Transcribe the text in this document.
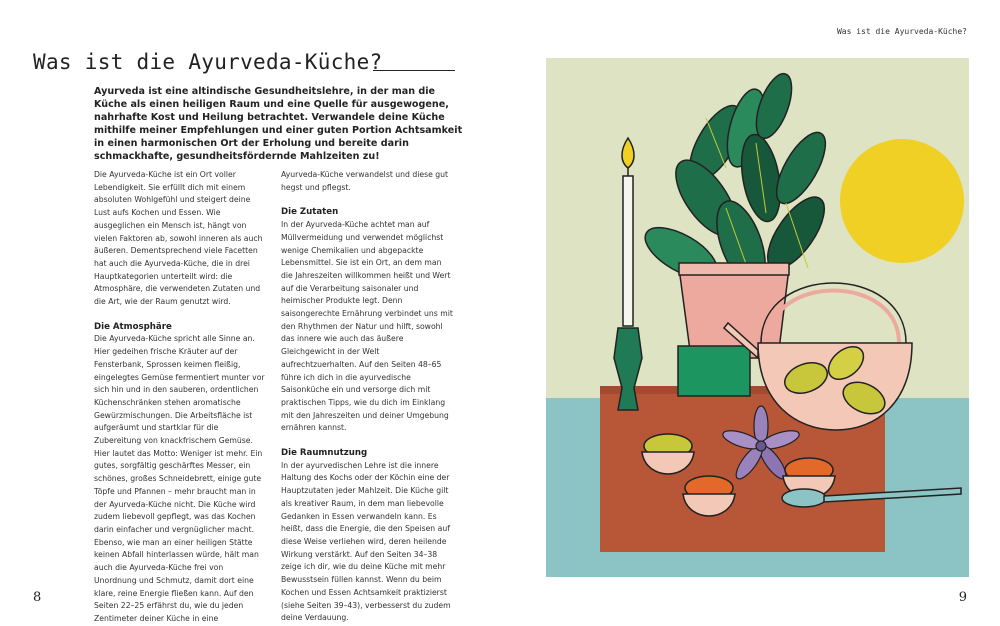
Was ist die Ayurveda-Küche?
Was ist die Ayurveda-Küche?
Ayurveda ist eine altindische Gesundheitslehre, in der man die Küche als einen heiligen Raum und eine Quelle für ausgewogene, nahrhafte Kost und Heilung betrachtet. Verwandele deine Küche mithilfe meiner Empfehlungen und einer guten Portion Achtsamkeit in einen harmonischen Ort der Erholung und bereite darin schmackhafte, gesundheitsfördernde Mahlzeiten zu!

Die Ayurveda-Küche ist ein Ort voller Lebendigkeit. Sie erfüllt dich mit einem absoluten Wohlgefühl und steigert deine Lust aufs Kochen und Essen. Wie ausgeglichen ein Mensch ist, hängt von vielen Faktoren ab, sowohl inneren als auch äußeren. Dementsprechend viele Facetten hat auch die Ayurveda-Küche, die in drei Hauptkategorien unterteilt wird: die Atmosphäre, die verwendeten Zutaten und die Art, wie der Raum genutzt wird.

Die Atmosphäre

Die Ayurveda-Küche spricht alle Sinne an. Hier gedeihen frische Kräuter auf der Fensterbank, Sprossen keimen fleißig, eingelegtes Gemüse fermentiert munter vor sich hin und in den sauberen, ordentlichen Küchenschränken stehen aromatische Gewürzmischungen. Die Arbeitsfläche ist aufgeräumt und startklar für die Zubereitung von knackfrischem Gemüse. Hier lautet das Motto: Weniger ist mehr. Ein gutes, sorgfältig geschärftes Messer, ein schönes, großes Schneidebrett, einige gute Töpfe und Pfannen – mehr braucht man in der Ayurveda-Küche nicht. Die Küche wird zudem liebevoll gepflegt, was das Kochen darin einfacher und vergnüglicher macht. Ebenso, wie man an einer heiligen Stätte keinen Abfall hinterlassen würde, hält man auch die Ayurveda-Küche frei von Unordnung und Schmutz, damit dort eine klare, reine Energie fließen kann. Auf den Seiten 22–25 erfährst du, wie du jeden Zentimeter deiner Küche in eine

Ayurveda-Küche verwandelst und diese gut hegst und pflegst.

Die Zutaten

In der Ayurveda-Küche achtet man auf Müllvermeidung und verwendet möglichst wenige Chemikalien und abgepackte Lebensmittel. Sie ist ein Ort, an dem man die Jahreszeiten willkommen heißt und Wert auf die Verarbeitung saisonaler und heimischer Produkte legt. Denn saisongerechte Ernährung verbindet uns mit den Rhythmen der Natur und hilft, sowohl das innere wie auch das äußere Gleichgewicht in der Welt aufrechtzuerhalten. Auf den Seiten 48–65 führe ich dich in die ayurvedische Saisonküche ein und versorge dich mit praktischen Tipps, wie du dich im Einklang mit den Jahreszeiten und deiner Umgebung ernähren kannst.

Die Raumnutzung

In der ayurvedischen Lehre ist die innere Haltung des Kochs oder der Köchin eine der Hauptzutaten jeder Mahlzeit. Die Küche gilt als kreativer Raum, in dem man liebevolle Gedanken in Essen verwandeln kann. Es heißt, dass die Energie, die den Speisen auf diese Weise verliehen wird, deren heilende Wirkung verstärkt. Auf den Seiten 34–38 zeige ich dir, wie du deine Küche mit mehr Bewusstsein füllen kannst. Wenn du beim Kochen und Essen Achtsamkeit praktizierst (siehe Seiten 39–43), verbesserst du zudem deine Verdauung.

8	9
